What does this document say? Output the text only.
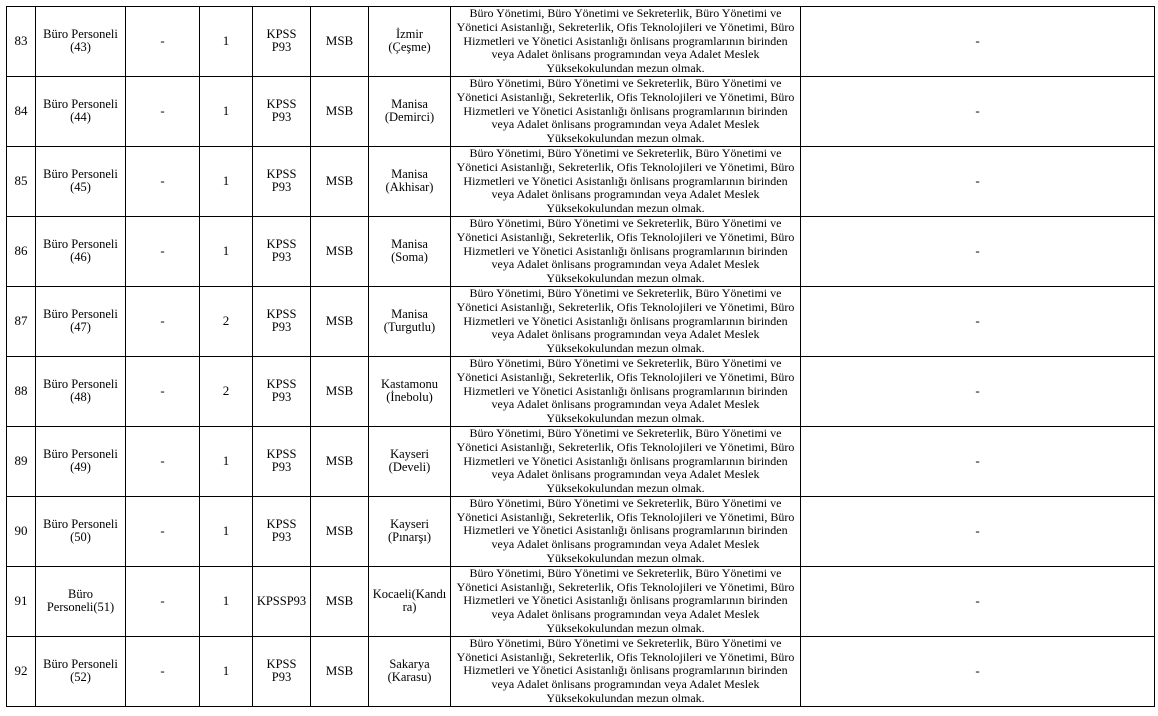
83	Büro Personeli
(43)	-	1	KPSS
P93	MSB	İzmir
(Çeşme)	Büro Yönetimi, Büro Yönetimi ve Sekreterlik, Büro Yönetimi ve
Yönetici Asistanlığı, Sekreterlik, Ofis Teknolojileri ve Yönetimi, Büro
Hizmetleri ve Yönetici Asistanlığı önlisans programlarının birinden
veya Adalet önlisans programından veya Adalet Meslek
Yüksekokulundan mezun olmak.	-
84	Büro Personeli
(44)	-	1	KPSS
P93	MSB	Manisa
(Demirci)	Büro Yönetimi, Büro Yönetimi ve Sekreterlik, Büro Yönetimi ve
Yönetici Asistanlığı, Sekreterlik, Ofis Teknolojileri ve Yönetimi, Büro
Hizmetleri ve Yönetici Asistanlığı önlisans programlarının birinden
veya Adalet önlisans programından veya Adalet Meslek
Yüksekokulundan mezun olmak.	-
85	Büro Personeli
(45)	-	1	KPSS
P93	MSB	Manisa
(Akhisar)	Büro Yönetimi, Büro Yönetimi ve Sekreterlik, Büro Yönetimi ve
Yönetici Asistanlığı, Sekreterlik, Ofis Teknolojileri ve Yönetimi, Büro
Hizmetleri ve Yönetici Asistanlığı önlisans programlarının birinden
veya Adalet önlisans programından veya Adalet Meslek
Yüksekokulundan mezun olmak.	-
86	Büro Personeli
(46)	-	1	KPSS
P93	MSB	Manisa
(Soma)	Büro Yönetimi, Büro Yönetimi ve Sekreterlik, Büro Yönetimi ve
Yönetici Asistanlığı, Sekreterlik, Ofis Teknolojileri ve Yönetimi, Büro
Hizmetleri ve Yönetici Asistanlığı önlisans programlarının birinden
veya Adalet önlisans programından veya Adalet Meslek
Yüksekokulundan mezun olmak.	-
87	Büro Personeli
(47)	-	2	KPSS
P93	MSB	Manisa
(Turgutlu)	Büro Yönetimi, Büro Yönetimi ve Sekreterlik, Büro Yönetimi ve
Yönetici Asistanlığı, Sekreterlik, Ofis Teknolojileri ve Yönetimi, Büro
Hizmetleri ve Yönetici Asistanlığı önlisans programlarının birinden
veya Adalet önlisans programından veya Adalet Meslek
Yüksekokulundan mezun olmak.	-
88	Büro Personeli
(48)	-	2	KPSS
P93	MSB	Kastamonu
(İnebolu)	Büro Yönetimi, Büro Yönetimi ve Sekreterlik, Büro Yönetimi ve
Yönetici Asistanlığı, Sekreterlik, Ofis Teknolojileri ve Yönetimi, Büro
Hizmetleri ve Yönetici Asistanlığı önlisans programlarının birinden
veya Adalet önlisans programından veya Adalet Meslek
Yüksekokulundan mezun olmak.	-
89	Büro Personeli
(49)	-	1	KPSS
P93	MSB	Kayseri
(Develi)	Büro Yönetimi, Büro Yönetimi ve Sekreterlik, Büro Yönetimi ve
Yönetici Asistanlığı, Sekreterlik, Ofis Teknolojileri ve Yönetimi, Büro
Hizmetleri ve Yönetici Asistanlığı önlisans programlarının birinden
veya Adalet önlisans programından veya Adalet Meslek
Yüksekokulundan mezun olmak.	-
90	Büro Personeli
(50)	-	1	KPSS
P93	MSB	Kayseri
(Pınarşı)	Büro Yönetimi, Büro Yönetimi ve Sekreterlik, Büro Yönetimi ve
Yönetici Asistanlığı, Sekreterlik, Ofis Teknolojileri ve Yönetimi, Büro
Hizmetleri ve Yönetici Asistanlığı önlisans programlarının birinden
veya Adalet önlisans programından veya Adalet Meslek
Yüksekokulundan mezun olmak.	-
91	Büro
Personeli(51)	-	1	KPSSP93	MSB	Kocaeli(Kandı
ra)	Büro Yönetimi, Büro Yönetimi ve Sekreterlik, Büro Yönetimi ve
Yönetici Asistanlığı, Sekreterlik, Ofis Teknolojileri ve Yönetimi, Büro
Hizmetleri ve Yönetici Asistanlığı önlisans programlarının birinden
veya Adalet önlisans programından veya Adalet Meslek
Yüksekokulundan mezun olmak.	-
92	Büro Personeli
(52)	-	1	KPSS
P93	MSB	Sakarya
(Karasu)	Büro Yönetimi, Büro Yönetimi ve Sekreterlik, Büro Yönetimi ve
Yönetici Asistanlığı, Sekreterlik, Ofis Teknolojileri ve Yönetimi, Büro
Hizmetleri ve Yönetici Asistanlığı önlisans programlarının birinden
veya Adalet önlisans programından veya Adalet Meslek
Yüksekokulundan mezun olmak.	-
